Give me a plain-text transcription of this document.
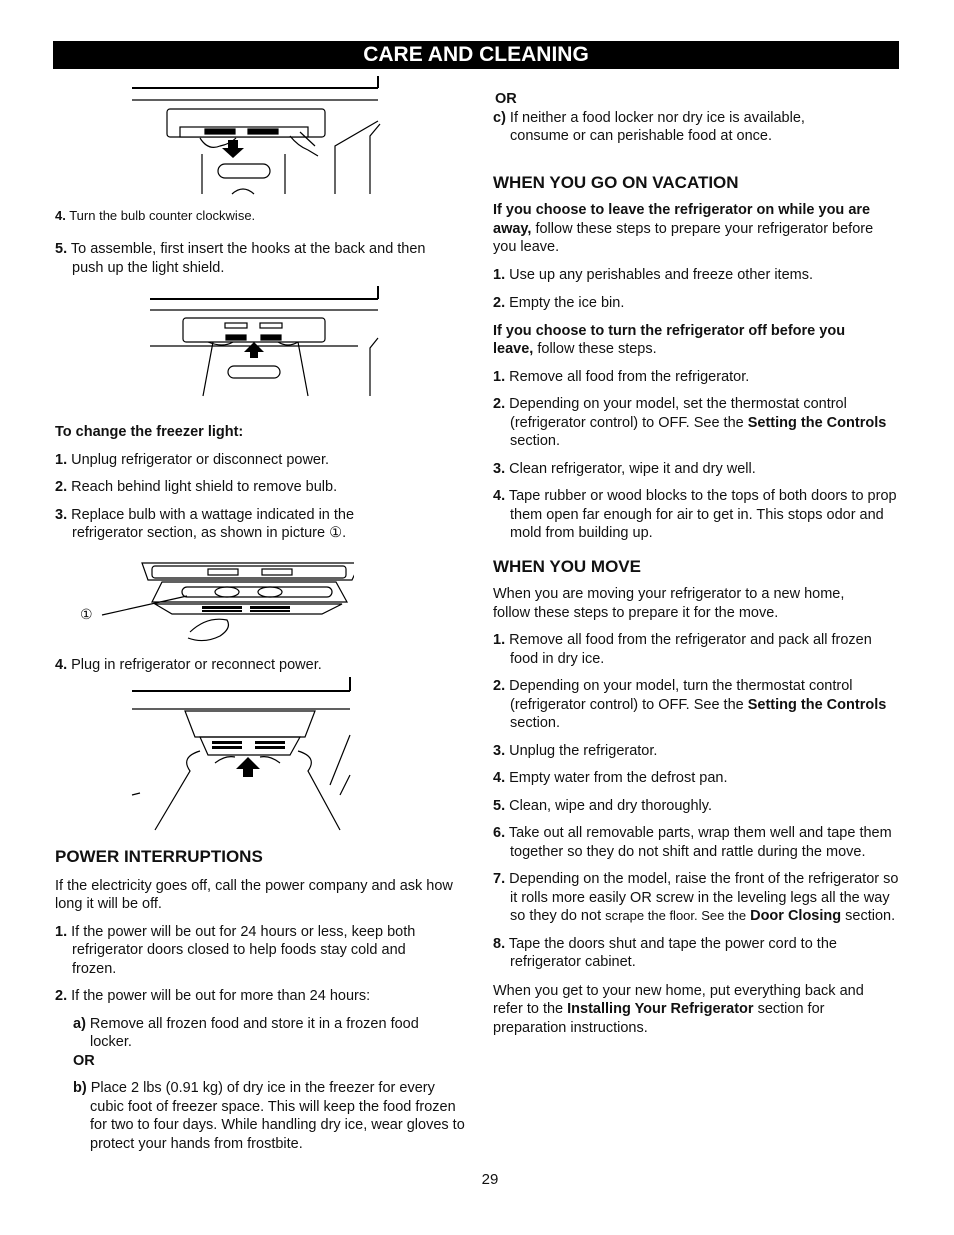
CARE AND CLEANING

4. Turn the bulb counter clockwise.

5. To assemble, first insert the hooks at the back and then push up the light shield.

To change the freezer light:

1. Unplug refrigerator or disconnect power.

2. Reach behind light shield to remove bulb.

3. Replace bulb with a wattage indicated in the refrigerator section, as shown in picture ①.

①

4. Plug in refrigerator or reconnect power.

POWER INTERRUPTIONS

If the electricity goes off, call the power company and ask how long it will be off.

1. If the power will be out for 24 hours or less, keep both refrigerator doors closed to help foods stay cold and frozen.

2. If the power will be out for more than 24 hours:

a) Remove all frozen food and store it in a frozen food locker.

OR

b) Place 2 lbs (0.91 kg) of dry ice in the freezer for every cubic foot of freezer space. This will keep the food frozen for two to four days. While handling dry ice, wear gloves to protect your hands from frostbite.

OR

c) If neither a food locker nor dry ice is available, consume or can perishable food at once.

WHEN YOU GO ON VACATION

If you choose to leave the refrigerator on while you are away, follow these steps to prepare your refrigerator before you leave.

1. Use up any perishables and freeze other items.

2. Empty the ice bin.

If you choose to turn the refrigerator off before you leave, follow these steps.

1. Remove all food from the refrigerator.

2. Depending on your model, set the thermostat control (refrigerator control) to OFF. See the Setting the Controls section.

3. Clean refrigerator, wipe it and dry well.

4. Tape rubber or wood blocks to the tops of both doors to prop them open far enough for air to get in. This stops odor and mold from building up.

WHEN YOU MOVE

When you are moving your refrigerator to a new home, follow these steps to prepare it for the move.

1. Remove all food from the refrigerator and pack all frozen food in dry ice.

2. Depending on your model, turn the thermostat control (refrigerator control) to OFF. See the Setting the Controls section.

3. Unplug the refrigerator.

4. Empty water from the defrost pan.

5. Clean, wipe and dry thoroughly.

6. Take out all removable parts, wrap them well and tape them together so they do not shift and rattle during the move.

7. Depending on the model, raise the front of the refrigerator so it rolls more easily OR screw in the leveling legs all the way so they do not scrape the floor. See the Door Closing section.

8. Tape the doors shut and tape the power cord to the refrigerator cabinet.

When you get to your new home, put everything back and refer to the Installing Your Refrigerator section for preparation instructions.

29
